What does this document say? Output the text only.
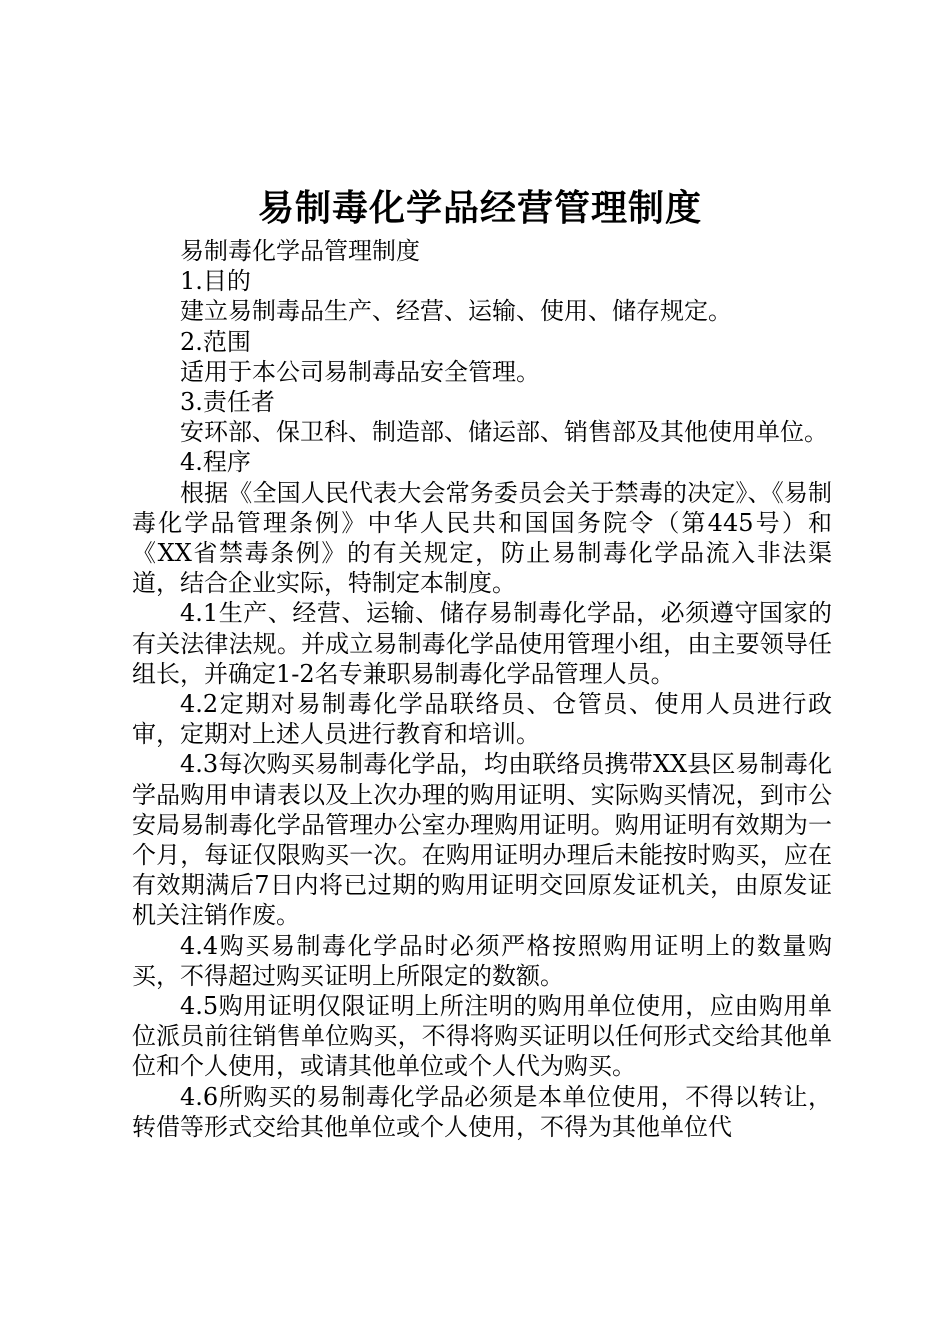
易制毒化学品经营管理制度

易制毒化学品管理制度

1.目的

建立易制毒品生产、经营、运输、使用、储存规定。

2.范围

适用于本公司易制毒品安全管理。

3.责任者

安环部、保卫科、制造部、储运部、销售部及其他使用单位。

4.程序

根据《全国人民代表大会常务委员会关于禁毒的决定》、《易制毒化学品管理条例》中华人民共和国国务院令（第445号）和《XX省禁毒条例》的有关规定，防止易制毒化学品流入非法渠道，结合企业实际，特制定本制度。

4.1生产、经营、运输、储存易制毒化学品，必须遵守国家的有关法律法规。并成立易制毒化学品使用管理小组，由主要领导任组长，并确定1-2名专兼职易制毒化学品管理人员。

4.2定期对易制毒化学品联络员、仓管员、使用人员进行政审，定期对上述人员进行教育和培训。

4.3每次购买易制毒化学品，均由联络员携带XX县区易制毒化学品购用申请表以及上次办理的购用证明、实际购买情况，到市公安局易制毒化学品管理办公室办理购用证明。购用证明有效期为一个月，每证仅限购买一次。在购用证明办理后未能按时购买，应在有效期满后7日内将已过期的购用证明交回原发证机关，由原发证机关注销作废。

4.4购买易制毒化学品时必须严格按照购用证明上的数量购买，不得超过购买证明上所限定的数额。

4.5购用证明仅限证明上所注明的购用单位使用，应由购用单位派员前往销售单位购买，不得将购买证明以任何形式交给其他单位和个人使用，或请其他单位或个人代为购买。

4.6所购买的易制毒化学品必须是本单位使用，不得以转让，转借等形式交给其他单位或个人使用，不得为其他单位代
